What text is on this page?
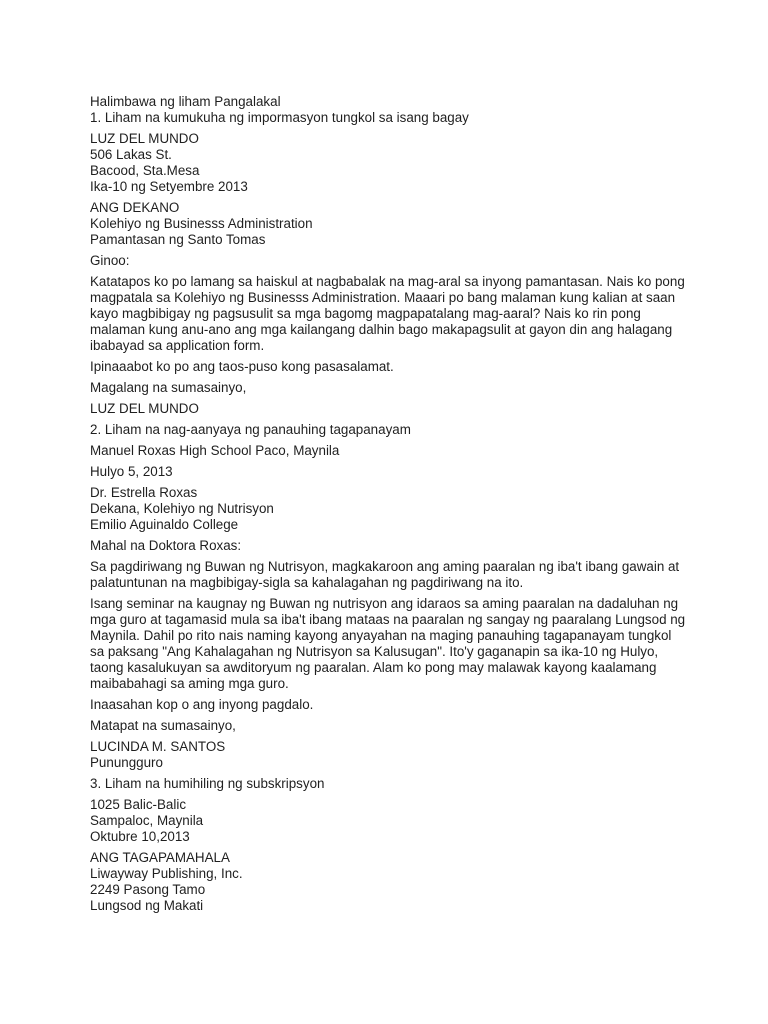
Halimbawa ng liham Pangalakal
1. Liham na kumukuha ng impormasyon tungkol sa isang bagay
LUZ DEL MUNDO
506 Lakas St.
Bacood, Sta.Mesa
Ika-10 ng Setyembre 2013
ANG DEKANO
Kolehiyo ng Businesss Administration
Pamantasan ng Santo Tomas
Ginoo:
Katatapos ko po lamang sa haiskul at nagbabalak na mag-aral sa inyong pamantasan. Nais ko pong
magpatala sa Kolehiyo ng Businesss Administration. Maaari po bang malaman kung kalian at saan
kayo magbibigay ng pagsusulit sa mga bagomg magpapatalang mag-aaral? Nais ko rin pong
malaman kung anu-ano ang mga kailangang dalhin bago makapagsulit at gayon din ang halagang
ibabayad sa application form.
Ipinaaabot ko po ang taos-puso kong pasasalamat.
Magalang na sumasainyo,
LUZ DEL MUNDO
2. Liham na nag-aanyaya ng panauhing tagapanayam
Manuel Roxas High School Paco, Maynila
Hulyo 5, 2013
Dr. Estrella Roxas
Dekana, Kolehiyo ng Nutrisyon
Emilio Aguinaldo College
Mahal na Doktora Roxas:
Sa pagdiriwang ng Buwan ng Nutrisyon, magkakaroon ang aming paaralan ng iba't ibang gawain at
palatuntunan na magbibigay-sigla sa kahalagahan ng pagdiriwang na ito.
Isang seminar na kaugnay ng Buwan ng nutrisyon ang idaraos sa aming paaralan na dadaluhan ng
mga guro at tagamasid mula sa iba't ibang mataas na paaralan ng sangay ng paaralang Lungsod ng
Maynila. Dahil po rito nais naming kayong anyayahan na maging panauhing tagapanayam tungkol
sa paksang "Ang Kahalagahan ng Nutrisyon sa Kalusugan". Ito'y gaganapin sa ika-10 ng Hulyo,
taong kasalukuyan sa awditoryum ng paaralan. Alam ko pong may malawak kayong kaalamang
maibabahagi sa aming mga guro.
Inaasahan kop o ang inyong pagdalo.
Matapat na sumasainyo,
LUCINDA M. SANTOS
Punungguro
3. Liham na humihiling ng subskripsyon
1025 Balic-Balic
Sampaloc, Maynila
Oktubre 10,2013
ANG TAGAPAMAHALA
Liwayway Publishing, Inc.
2249 Pasong Tamo
Lungsod ng Makati
